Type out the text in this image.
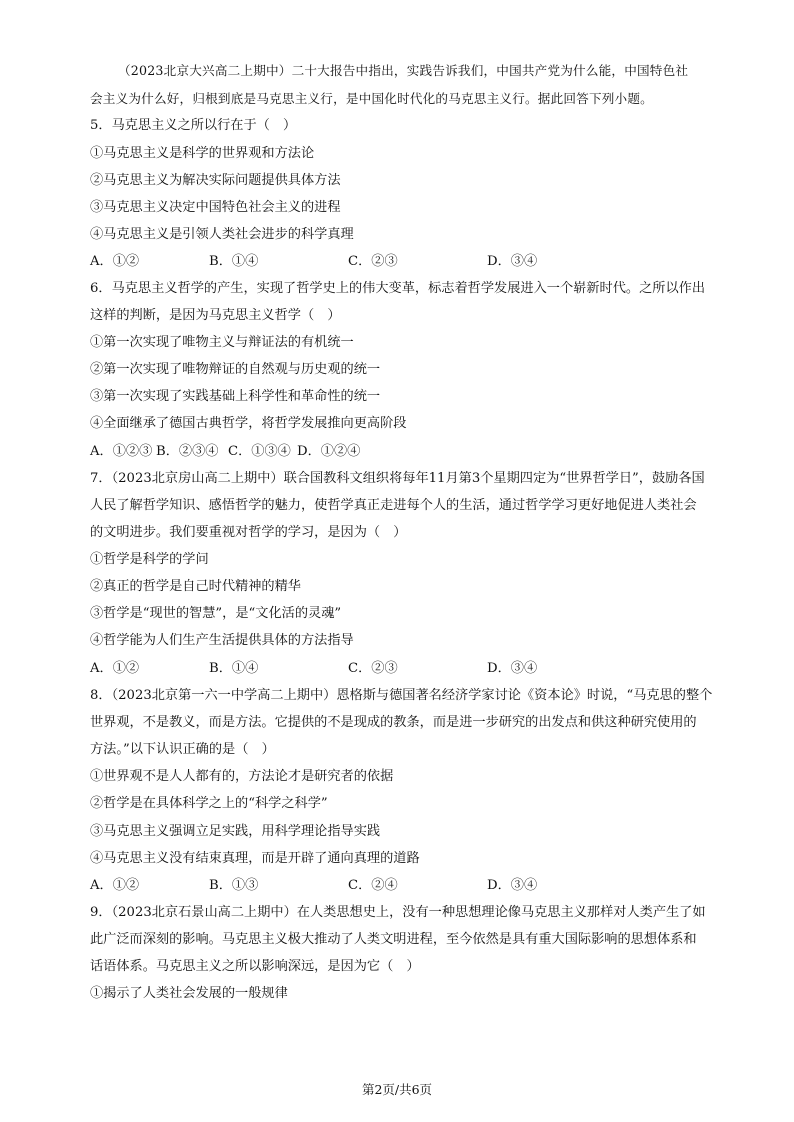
（2023北京大兴高二上期中）二十大报告中指出，实践告诉我们，中国共产党为什么能，中国特色社
会主义为什么好，归根到底是马克思主义行，是中国化时代化的马克思主义行。据此回答下列小题。
5．马克思主义之所以行在于（　）
①马克思主义是科学的世界观和方法论
②马克思主义为解决实际问题提供具体方法
③马克思主义决定中国特色社会主义的进程
④马克思主义是引领人类社会进步的科学真理
A．①②	B．①④	C．②③	D．③④
6．马克思主义哲学的产生，实现了哲学史上的伟大变革，标志着哲学发展进入一个崭新时代。之所以作出
这样的判断，是因为马克思主义哲学（　）
①第一次实现了唯物主义与辩证法的有机统一
②第一次实现了唯物辩证的自然观与历史观的统一
③第一次实现了实践基础上科学性和革命性的统一
④全面继承了德国古典哲学，将哲学发展推向更高阶段
A．①②③ B．②③④ C．①③④ D．①②④
7．（2023北京房山高二上期中）联合国教科文组织将每年11月第3个星期四定为“世界哲学日”，鼓励各国
人民了解哲学知识、感悟哲学的魅力，使哲学真正走进每个人的生活，通过哲学学习更好地促进人类社会
的文明进步。我们要重视对哲学的学习，是因为（　）
①哲学是科学的学问
②真正的哲学是自己时代精神的精华
③哲学是“现世的智慧”，是“文化活的灵魂”
④哲学能为人们生产生活提供具体的方法指导
A．①②	B．①④	C．②③	D．③④
8．（2023北京第一六一中学高二上期中）恩格斯与德国著名经济学家讨论《资本论》时说，“马克思的整个
世界观，不是教义，而是方法。它提供的不是现成的教条，而是进一步研究的出发点和供这种研究使用的
方法。”以下认识正确的是（　）
①世界观不是人人都有的，方法论才是研究者的依据
②哲学是在具体科学之上的“科学之科学”
③马克思主义强调立足实践，用科学理论指导实践
④马克思主义没有结束真理，而是开辟了通向真理的道路
A．①②	B．①③	C．②④	D．③④
9．（2023北京石景山高二上期中）在人类思想史上，没有一种思想理论像马克思主义那样对人类产生了如
此广泛而深刻的影响。马克思主义极大推动了人类文明进程，至今依然是具有重大国际影响的思想体系和
话语体系。马克思主义之所以影响深远，是因为它（　）
①揭示了人类社会发展的一般规律
第2页/共6页
